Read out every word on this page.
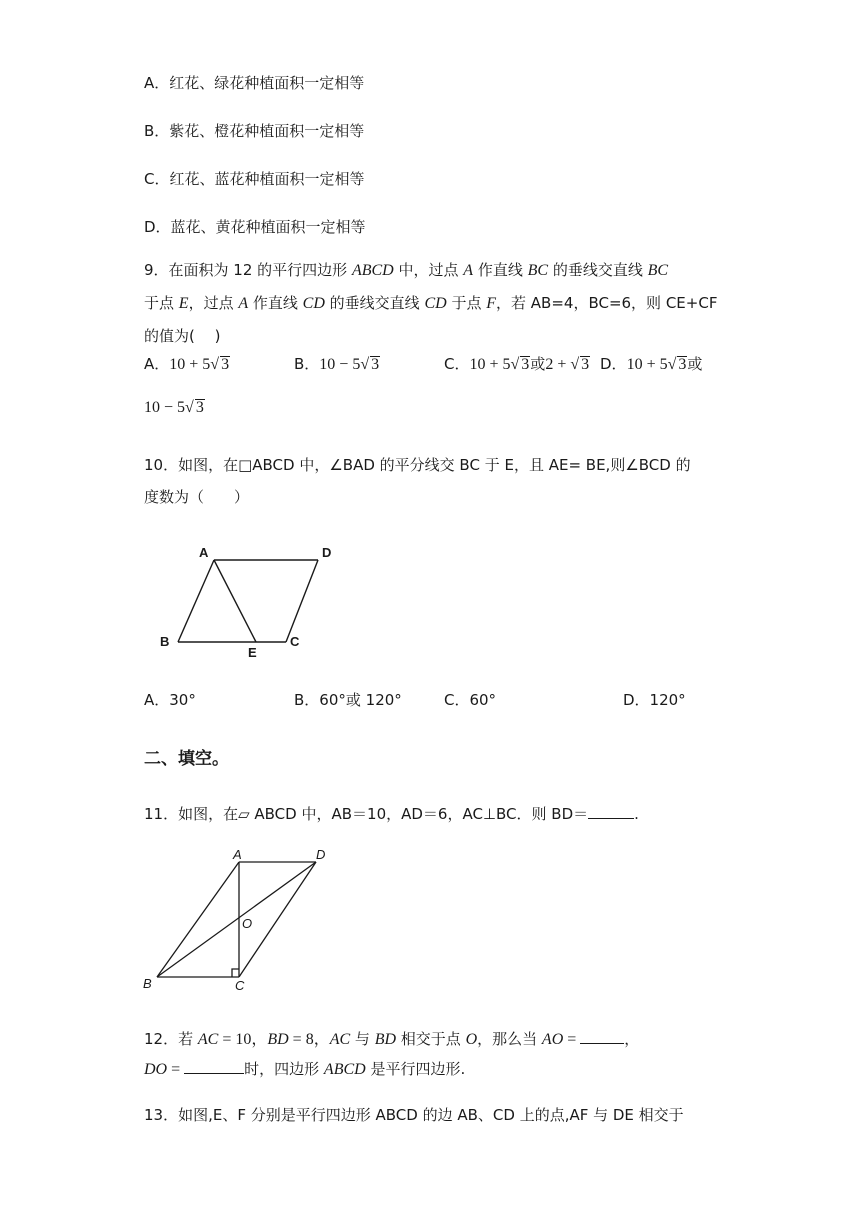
A．红花、绿花种植面积一定相等
B．紫花、橙花种植面积一定相等
C．红花、蓝花种植面积一定相等
D．蓝花、黄花种植面积一定相等
9．在面积为 12 的平行四边形 ABCD 中，过点 A 作直线 BC 的垂线交直线 BC
于点 E，过点 A 作直线 CD 的垂线交直线 CD 于点 F，若 AB=4，BC=6，则 CE+CF
的值为(　 )
A．10 + 5√ 3	B．10 − 5√ 3	C．10 + 5√ 3或2 + √ 3 D．10 + 5√ 3或
10 − 5√ 3
10．如图，在□ABCD 中，∠BAD 的平分线交 BC 于 E，且 AE= BE,则∠BCD 的
度数为（　　）
A	D
B
E
C
A．30°	B．60°或 120°	C．60°	D．120°
二、填空。
11．如图，在▱ ABCD 中，AB＝10，AD＝6，AC⊥BC．则 BD＝	.
A	D
O
B	C
12．若 AC = 10，BD = 8，AC 与 BD 相交于点 O，那么当 AO =	，
DO =	时，四边形 ABCD 是平行四边形.
13．如图,E、F 分别是平行四边形 ABCD 的边 AB、CD 上的点,AF 与 DE 相交于
